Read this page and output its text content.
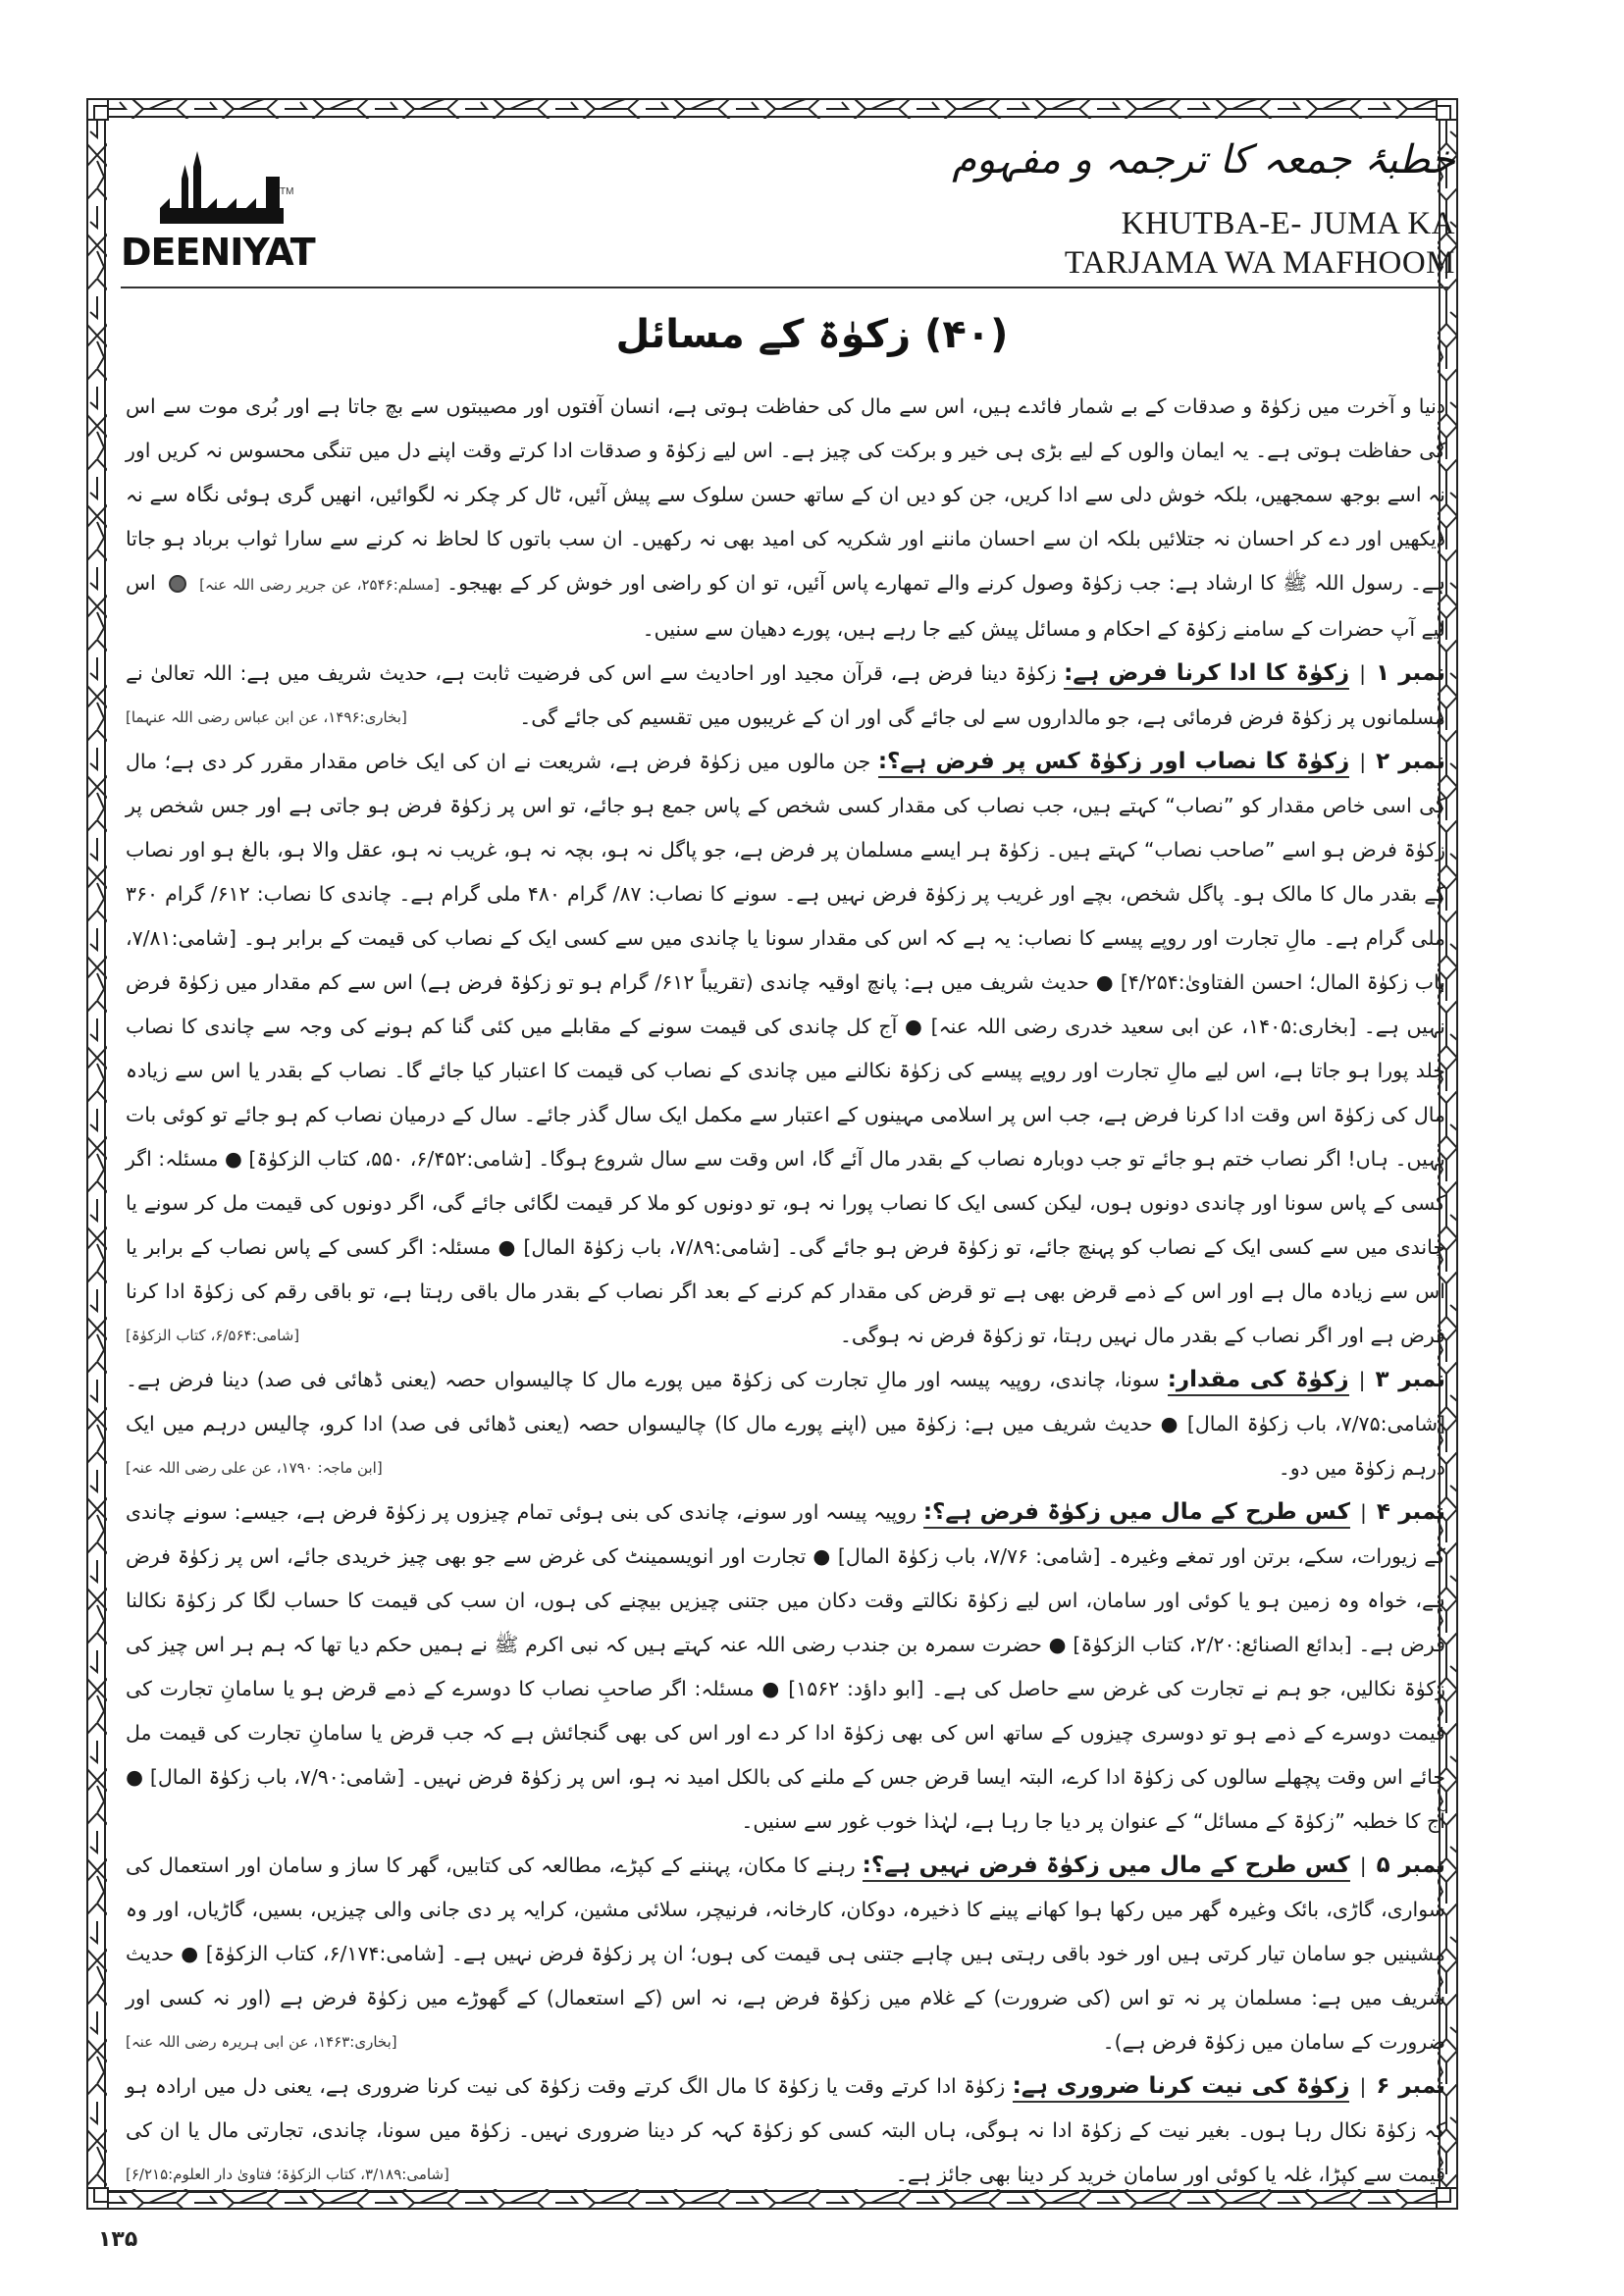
TM
DEENIYAT
خطبۂ جمعہ کا ترجمہ و مفہوم
KHUTBA-E- JUMA KA
TARJAMA WA MAFHOOM
(۴۰) زکوٰۃ کے مسائل

دنیا و آخرت میں زکوٰۃ و صدقات کے بے شمار فائدے ہیں، اس سے مال کی حفاظت ہوتی ہے، انسان آفتوں اور مصیبتوں سے بچ جاتا ہے اور بُری موت سے اس کی حفاظت ہوتی ہے۔ یہ ایمان والوں کے لیے بڑی ہی خیر و برکت کی چیز ہے۔ اس لیے زکوٰۃ و صدقات ادا کرتے وقت اپنے دل میں تنگی محسوس نہ کریں اور نہ اسے بوجھ سمجھیں، بلکہ خوش دلی سے ادا کریں، جن کو دیں ان کے ساتھ حسن سلوک سے پیش آئیں، ٹال کر چکر نہ لگوائیں، انھیں گری ہوئی نگاہ سے نہ دیکھیں اور دے کر احسان نہ جتلائیں بلکہ ان سے احسان ماننے اور شکریہ کی امید بھی نہ رکھیں۔ ان سب باتوں کا لحاظ نہ کرنے سے سارا ثواب برباد ہو جاتا ہے۔ رسول اللہ ﷺ کا ارشاد ہے: جب زکوٰۃ وصول کرنے والے تمھارے پاس آئیں، تو ان کو راضی اور خوش کر کے بھیجو۔ [مسلم:۲۵۴۶، عن جریر رضی اللہ عنہ]  اس لیے آپ حضرات کے سامنے زکوٰۃ کے احکام و مسائل پیش کیے جا رہے ہیں، پورے دھیان سے سنیں۔

نمبر ۱|زکوٰۃ کا ادا کرنا فرض ہے: زکوٰۃ دینا فرض ہے، قرآن مجید اور احادیث سے اس کی فرضیت ثابت ہے، حدیث شریف میں ہے: اللہ تعالیٰ نے مسلمانوں پر زکوٰۃ فرض فرمائی ہے، جو مالداروں سے لی جائے گی اور ان کے غریبوں میں تقسیم کی جائے گی۔
[بخاری:۱۴۹۶، عن ابن عباس رضی اللہ عنہما]

نمبر ۲|زکوٰۃ کا نصاب اور زکوٰۃ کس پر فرض ہے؟: جن مالوں میں زکوٰۃ فرض ہے، شریعت نے ان کی ایک خاص مقدار مقرر کر دی ہے؛ مال کی اسی خاص مقدار کو ”نصاب“ کہتے ہیں، جب نصاب کی مقدار کسی شخص کے پاس جمع ہو جائے، تو اس پر زکوٰۃ فرض ہو جاتی ہے اور جس شخص پر زکوٰۃ فرض ہو اسے ”صاحب نصاب“ کہتے ہیں۔ زکوٰۃ ہر ایسے مسلمان پر فرض ہے، جو پاگل نہ ہو، بچہ نہ ہو، غریب نہ ہو، عقل والا ہو، بالغ ہو اور نصاب کے بقدر مال کا مالک ہو۔ پاگل شخص، بچے اور غریب پر زکوٰۃ فرض نہیں ہے۔ سونے کا نصاب: ۸۷/ گرام ۴۸۰ ملی گرام ہے۔ چاندی کا نصاب: ۶۱۲/ گرام ۳۶۰ ملی گرام ہے۔ مالِ تجارت اور روپے پیسے کا نصاب: یہ ہے کہ اس کی مقدار سونا یا چاندی میں سے کسی ایک کے نصاب کی قیمت کے برابر ہو۔ [شامی:۷/۸۱، باب زکوٰۃ المال؛ احسن الفتاویٰ:۴/۲۵۴] ● حدیث شریف میں ہے: پانچ اوقیہ چاندی (تقریباً ۶۱۲/ گرام ہو تو زکوٰۃ فرض ہے) اس سے کم مقدار میں زکوٰۃ فرض نہیں ہے۔ [بخاری:۱۴۰۵، عن ابی سعید خدری رضی اللہ عنہ] ● آج کل چاندی کی قیمت سونے کے مقابلے میں کئی گنا کم ہونے کی وجہ سے چاندی کا نصاب جلد پورا ہو جاتا ہے، اس لیے مالِ تجارت اور روپے پیسے کی زکوٰۃ نکالنے میں چاندی کے نصاب کی قیمت کا اعتبار کیا جائے گا۔ نصاب کے بقدر یا اس سے زیادہ مال کی زکوٰۃ اس وقت ادا کرنا فرض ہے، جب اس پر اسلامی مہینوں کے اعتبار سے مکمل ایک سال گذر جائے۔ سال کے درمیان نصاب کم ہو جائے تو کوئی بات نہیں۔ ہاں! اگر نصاب ختم ہو جائے تو جب دوبارہ نصاب کے بقدر مال آئے گا، اس وقت سے سال شروع ہوگا۔ [شامی:۶/۴۵۲، ۵۵۰، کتاب الزکوٰۃ] ● مسئلہ: اگر کسی کے پاس سونا اور چاندی دونوں ہوں، لیکن کسی ایک کا نصاب پورا نہ ہو، تو دونوں کو ملا کر قیمت لگائی جائے گی، اگر دونوں کی قیمت مل کر سونے یا چاندی میں سے کسی ایک کے نصاب کو پہنچ جائے، تو زکوٰۃ فرض ہو جائے گی۔ [شامی:۷/۸۹، باب زکوٰۃ المال] ● مسئلہ: اگر کسی کے پاس نصاب کے برابر یا اس سے زیادہ مال ہے اور اس کے ذمے قرض بھی ہے تو قرض کی مقدار کم کرنے کے بعد اگر نصاب کے بقدر مال باقی رہتا ہے، تو باقی رقم کی زکوٰۃ ادا کرنا فرض ہے اور اگر نصاب کے بقدر مال نہیں رہتا، تو زکوٰۃ فرض نہ ہوگی۔
[شامی:۶/۵۶۴، کتاب الزکوٰۃ]

نمبر ۳|زکوٰۃ کی مقدار: سونا، چاندی، روپیہ پیسہ اور مالِ تجارت کی زکوٰۃ میں پورے مال کا چالیسواں حصہ (یعنی ڈھائی فی صد) دینا فرض ہے۔ [شامی:۷/۷۵، باب زکوٰۃ المال] ● حدیث شریف میں ہے: زکوٰۃ میں (اپنے پورے مال کا) چالیسواں حصہ (یعنی ڈھائی فی صد) ادا کرو، چالیس درہم میں ایک درہم زکوٰۃ میں دو۔
[ابن ماجہ: ۱۷۹۰، عن علی رضی اللہ عنہ]

نمبر ۴|کس طرح کے مال میں زکوٰۃ فرض ہے؟: روپیہ پیسہ اور سونے، چاندی کی بنی ہوئی تمام چیزوں پر زکوٰۃ فرض ہے، جیسے: سونے چاندی کے زیورات، سکے، برتن اور تمغے وغیرہ۔ [شامی: ۷/۷۶، باب زکوٰۃ المال] ● تجارت اور انویسمینٹ کی غرض سے جو بھی چیز خریدی جائے، اس پر زکوٰۃ فرض ہے، خواہ وہ زمین ہو یا کوئی اور سامان، اس لیے زکوٰۃ نکالتے وقت دکان میں جتنی چیزیں بیچنے کی ہوں، ان سب کی قیمت کا حساب لگا کر زکوٰۃ نکالنا فرض ہے۔ [بدائع الصنائع:۲/۲۰، کتاب الزکوٰۃ] ● حضرت سمرہ بن جندب رضی اللہ عنہ کہتے ہیں کہ نبی اکرم ﷺ نے ہمیں حکم دیا تھا کہ ہم ہر اس چیز کی زکوٰۃ نکالیں، جو ہم نے تجارت کی غرض سے حاصل کی ہے۔ [ابو داؤد: ۱۵۶۲] ● مسئلہ: اگر صاحبِ نصاب کا دوسرے کے ذمے قرض ہو یا سامانِ تجارت کی قیمت دوسرے کے ذمے ہو تو دوسری چیزوں کے ساتھ اس کی بھی زکوٰۃ ادا کر دے اور اس کی بھی گنجائش ہے کہ جب قرض یا سامانِ تجارت کی قیمت مل جائے اس وقت پچھلے سالوں کی زکوٰۃ ادا کرے، البتہ ایسا قرض جس کے ملنے کی بالکل امید نہ ہو، اس پر زکوٰۃ فرض نہیں۔ [شامی:۷/۹۰، باب زکوٰۃ المال] ● آج کا خطبہ ”زکوٰۃ کے مسائل“ کے عنوان پر دیا جا رہا ہے، لہٰذا خوب غور سے سنیں۔

نمبر ۵|کس طرح کے مال میں زکوٰۃ فرض نہیں ہے؟: رہنے کا مکان، پہننے کے کپڑے، مطالعہ کی کتابیں، گھر کا ساز و سامان اور استعمال کی سواری، گاڑی، بائک وغیرہ گھر میں رکھا ہوا کھانے پینے کا ذخیرہ، دوکان، کارخانہ، فرنیچر، سلائی مشین، کرایہ پر دی جانی والی چیزیں، بسیں، گاڑیاں، اور وہ مشینیں جو سامان تیار کرتی ہیں اور خود باقی رہتی ہیں چاہے جتنی ہی قیمت کی ہوں؛ ان پر زکوٰۃ فرض نہیں ہے۔ [شامی:۶/۱۷۴، کتاب الزکوٰۃ] ● حدیث شریف میں ہے: مسلمان پر نہ تو اس (کی ضرورت) کے غلام میں زکوٰۃ فرض ہے، نہ اس (کے استعمال) کے گھوڑے میں زکوٰۃ فرض ہے (اور نہ کسی اور ضرورت کے سامان میں زکوٰۃ فرض ہے)۔
[بخاری:۱۴۶۳، عن ابی ہریرہ رضی اللہ عنہ]

نمبر ۶|زکوٰۃ کی نیت کرنا ضروری ہے: زکوٰۃ ادا کرتے وقت یا زکوٰۃ کا مال الگ کرتے وقت زکوٰۃ کی نیت کرنا ضروری ہے، یعنی دل میں ارادہ ہو کہ زکوٰۃ نکال رہا ہوں۔ بغیر نیت کے زکوٰۃ ادا نہ ہوگی، ہاں البتہ کسی کو زکوٰۃ کہہ کر دینا ضروری نہیں۔ زکوٰۃ میں سونا، چاندی، تجارتی مال یا ان کی قیمت سے کپڑا، غلہ یا کوئی اور سامان خرید کر دینا بھی جائز ہے۔
[شامی:۳/۱۸۹، کتاب الزکوٰۃ؛ فتاویٰ دار العلوم:۶/۲۱۵]

۱۳۵
